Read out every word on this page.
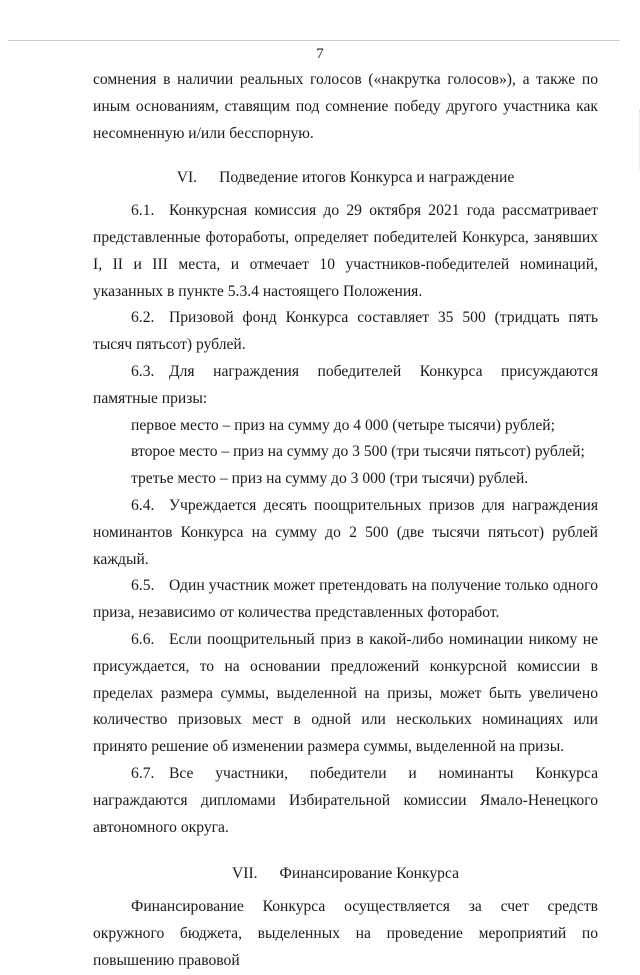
7

сомнения в наличии реальных голосов («накрутка голосов»), а также по иным основаниям, ставящим под сомнение победу другого участника как несомненную и/или бесспорную.

VI. Подведение итогов Конкурса и награждение

6.1. Конкурсная комиссия до 29 октября 2021 года рассматривает представленные фоторaботы, определяет победителей Конкурса, занявших I, II и III места, и отмечает 10 участников-победителей номинаций, указанных в пункте 5.3.4 настоящего Положения.

6.2. Призовой фонд Конкурса составляет 35 500 (тридцать пять тысяч пятьсот) рублей.

6.3. Для награждения победителей Конкурса присуждаются памятные призы:

первое место – приз на сумму до 4 000 (четыре тысячи) рублей;

второе место – приз на сумму до 3 500 (три тысячи пятьсот) рублей;

третье место – приз на сумму до 3 000 (три тысячи) рублей.

6.4. Учреждается десять поощрительных призов для награждения номинантов Конкурса на сумму до 2 500 (две тысячи пятьсот) рублей каждый.

6.5. Один участник может претендовать на получение только одного приза, независимо от количества представленных фоторабот.

6.6. Если поощрительный приз в какой-либо номинации никому не присуждается, то на основании предложений конкурсной комиссии в пределах размера суммы, выделенной на призы, может быть увеличено количество призовых мест в одной или нескольких номинациях или принято решение об изменении размера суммы, выделенной на призы.

6.7. Все участники, победители и номинанты Конкурса награждаются дипломами Избирательной комиссии Ямало-Ненецкого автономного округа.

VII. Финансирование Конкурса

Финансирование Конкурса осуществляется за счет средств окружного бюджета, выделенных на проведение мероприятий по повышению правовой
